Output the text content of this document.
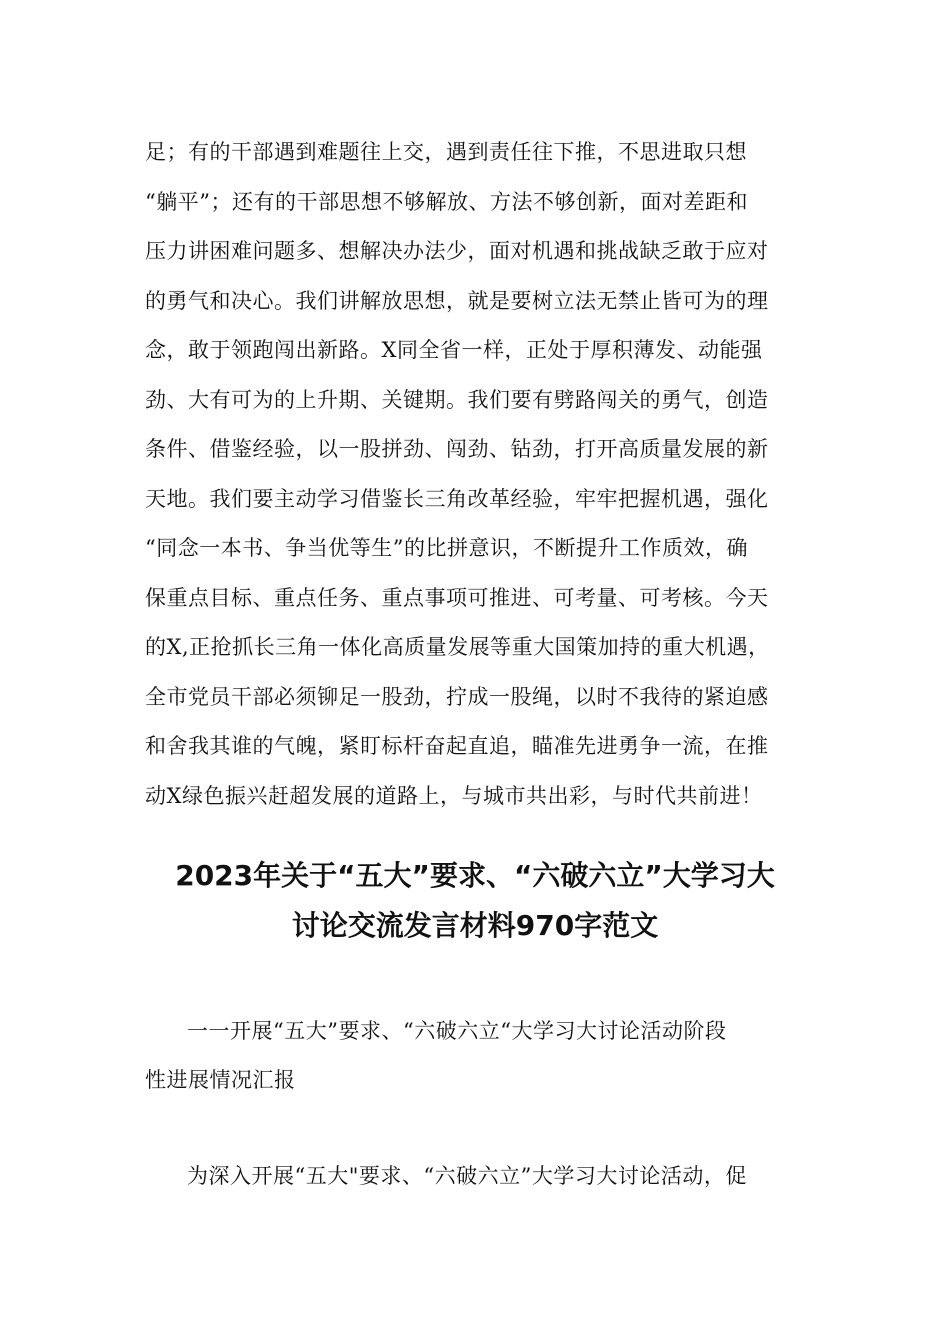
足；有的干部遇到难题往上交，遇到责任往下推，不思进取只想
“躺平”；还有的干部思想不够解放、方法不够创新，面对差距和
压力讲困难问题多、想解决办法少，面对机遇和挑战缺乏敢于应对
的勇气和决心。我们讲解放思想，就是要树立法无禁止皆可为的理
念，敢于领跑闯出新路。X同全省一样，正处于厚积薄发、动能强
劲、大有可为的上升期、关键期。我们要有劈路闯关的勇气，创造
条件、借鉴经验，以一股拼劲、闯劲、钻劲，打开高质量发展的新
天地。我们要主动学习借鉴长三角改革经验，牢牢把握机遇，强化
“同念一本书、争当优等生”的比拼意识，不断提升工作质效，确
保重点目标、重点任务、重点事项可推进、可考量、可考核。今天
的X,正抢抓长三角一体化高质量发展等重大国策加持的重大机遇，
全市党员干部必须铆足一股劲，拧成一股绳，以时不我待的紧迫感
和舍我其谁的气魄，紧盯标杆奋起直追，瞄准先进勇争一流，在推
动X绿色振兴赶超发展的道路上，与城市共出彩，与时代共前进！
2023年关于“五大”要求、“六破六立”大学习大
讨论交流发言材料970字范文
一一开展“五大”要求、“六破六立“大学习大讨论活动阶段
性进展情况汇报
为深入开展“五大"要求、“六破六立”大学习大讨论活动，促
